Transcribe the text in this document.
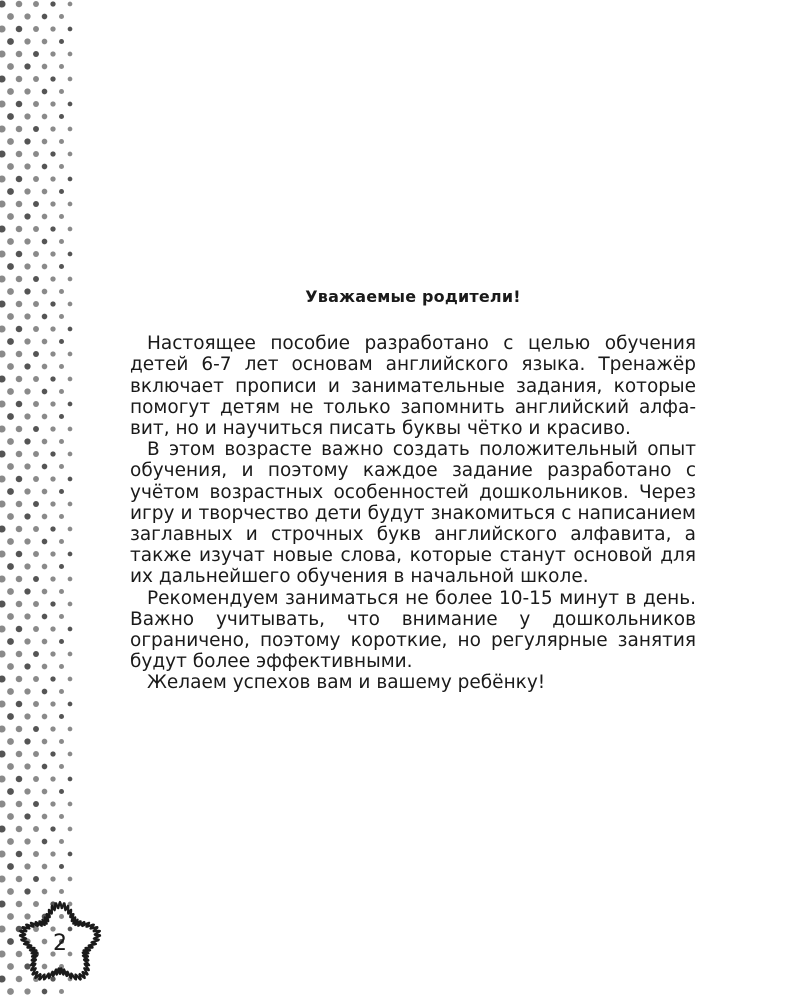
Уважаемые родители!

Настоящее пособие разработано с целью обучения детей 6-7 лет основам английского языка. Тренажёр включает прописи и занимательные задания, которые помогут детям не только запомнить английский алфавит, но и научиться писать буквы чётко и красиво.

В этом возрасте важно создать положительный опыт обучения, и поэтому каждое задание разработано с учётом возрастных особенностей дошкольников. Через игру и творчество дети будут знакомиться с написанием заглавных и строчных букв английского алфавита, а также изучат новые слова, которые станут основой для их дальнейшего обучения в начальной школе.

Рекомендуем заниматься не более 10-15 минут в день. Важно учитывать, что внимание у дошкольников ограничено, поэтому короткие, но регулярные занятия будут более эффективными.

Желаем успехов вам и вашему ребёнку!

2
